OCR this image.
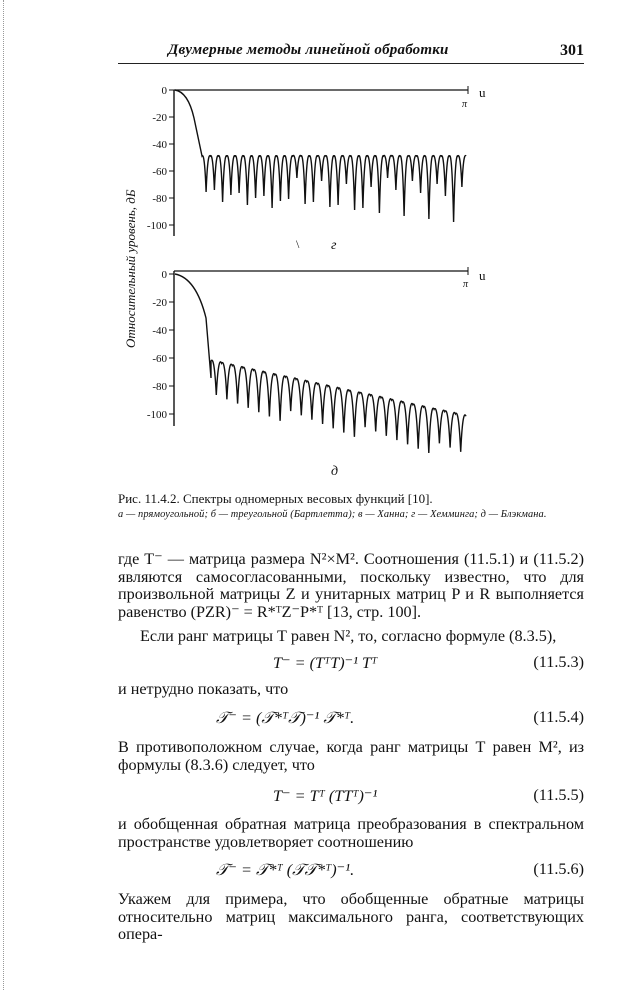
Двумерные методы линейной обработки	301
Относительный уровень, дБ
0
-20
-40
-60
-80
-100
π
u
\ г
0
-20
-40
-60
-80
-100
π
u
д
Рис. 11.4.2. Спектры одномерных весовых функций [10].
а — прямоугольной; б — треугольной (Бартлетта); в — Ханна; г — Хемминга; д — Блэкмана.
где Т⁻ — матрица размера N²×M². Соотношения (11.5.1) и (11.5.2) являются самосогласованными, поскольку известно, что для произвольной матрицы Z и унитарных матриц P и R выполняется равенство (PZR)⁻ = R*ᵀZ⁻P*ᵀ [13, стр. 100].
Если ранг матрицы Т равен N², то, согласно формуле (8.3.5),
Т⁻ = (ТᵀТ)⁻¹ Тᵀ	(11.5.3)
и нетрудно показать, что
𝒯⁻ = (𝒯*ᵀ𝒯)⁻¹ 𝒯*ᵀ.	(11.5.4)
В противоположном случае, когда ранг матрицы Т равен M², из формулы (8.3.6) следует, что
Т⁻ = Тᵀ (ТТᵀ)⁻¹	(11.5.5)
и обобщенная обратная матрица преобразования в спектральном пространстве удовлетворяет соотношению
𝒯⁻ = 𝒯*ᵀ (𝒯𝒯*ᵀ)⁻¹.	(11.5.6)
Укажем для примера, что обобщенные обратные матрицы относительно матриц максимального ранга, соответствующих опера-
